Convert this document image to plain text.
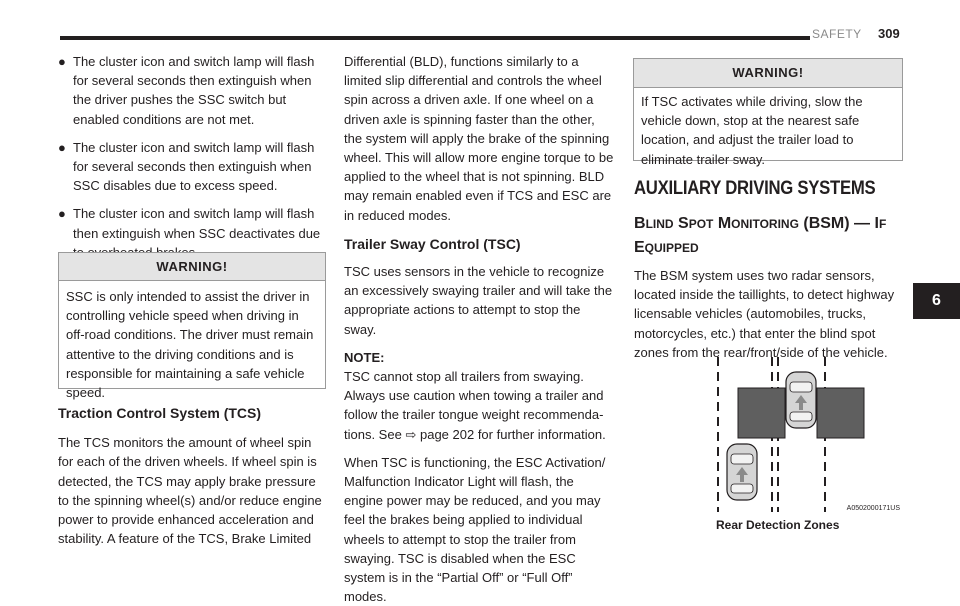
SAFETY 309
● The cluster icon and switch lamp will flash for several seconds then extinguish when the driver pushes the SSC switch but enabled conditions are not met.
● The cluster icon and switch lamp will flash for several seconds then extinguish when SSC disables due to excess speed.
● The cluster icon and switch lamp will flash then extinguish when SSC deactivates due
WARNING!
SSC is only intended to assist the driver in controlling vehicle speed when driving in off-road conditions. The driver must remain attentive to the driving conditions and is responsible for maintaining a safe vehicle speed.
Traction Control System (TCS)

The TCS monitors the amount of wheel spin for each of the driven wheels. If wheel spin is detected, the TCS may apply brake pressure to the spinning wheel(s) and/or reduce engine power to provide enhanced acceleration and stability. A feature of the TCS, Brake Limited

Differential (BLD), functions similarly to a limited slip differential and controls the wheel spin across a driven axle. If one wheel on a driven axle is spinning faster than the other, the system will apply the brake of the spinning wheel. This will allow more engine torque to be applied to the wheel that is not spinning. BLD may remain enabled even if TCS and ESC are in reduced modes.

Trailer Sway Control (TSC)

TSC uses sensors in the vehicle to recognize an excessively swaying trailer and will take the appropriate actions to attempt to stop the sway.

NOTE:

TSC cannot stop all trailers from swaying. Always use caution when towing a trailer and follow the trailer tongue weight recommenda-tions. See ⇨ page 202 for further information.

When TSC is functioning, the ESC Activation/ Malfunction Indicator Light will flash, the engine power may be reduced, and you may feel the brakes being applied to individual wheels to attempt to stop the trailer from swaying. TSC is disabled when the ESC system is in the “Partial Off” or “Full Off” modes.

WARNING!
If TSC activates while driving, slow the vehicle down, stop at the nearest safe location, and adjust the trailer load to eliminate trailer sway.
AUXILIARY DRIVING SYSTEMS
BLIND SPOT MONITORING (BSM) — IF
EQUIPPED

The BSM system uses two radar sensors, located inside the taillights, to detect highway licensable vehicles (automobiles, trucks, motorcycles, etc.) that enter the blind spot zones from the rear/front/side of the vehicle.

A0502000171US
Rear Detection Zones
6
